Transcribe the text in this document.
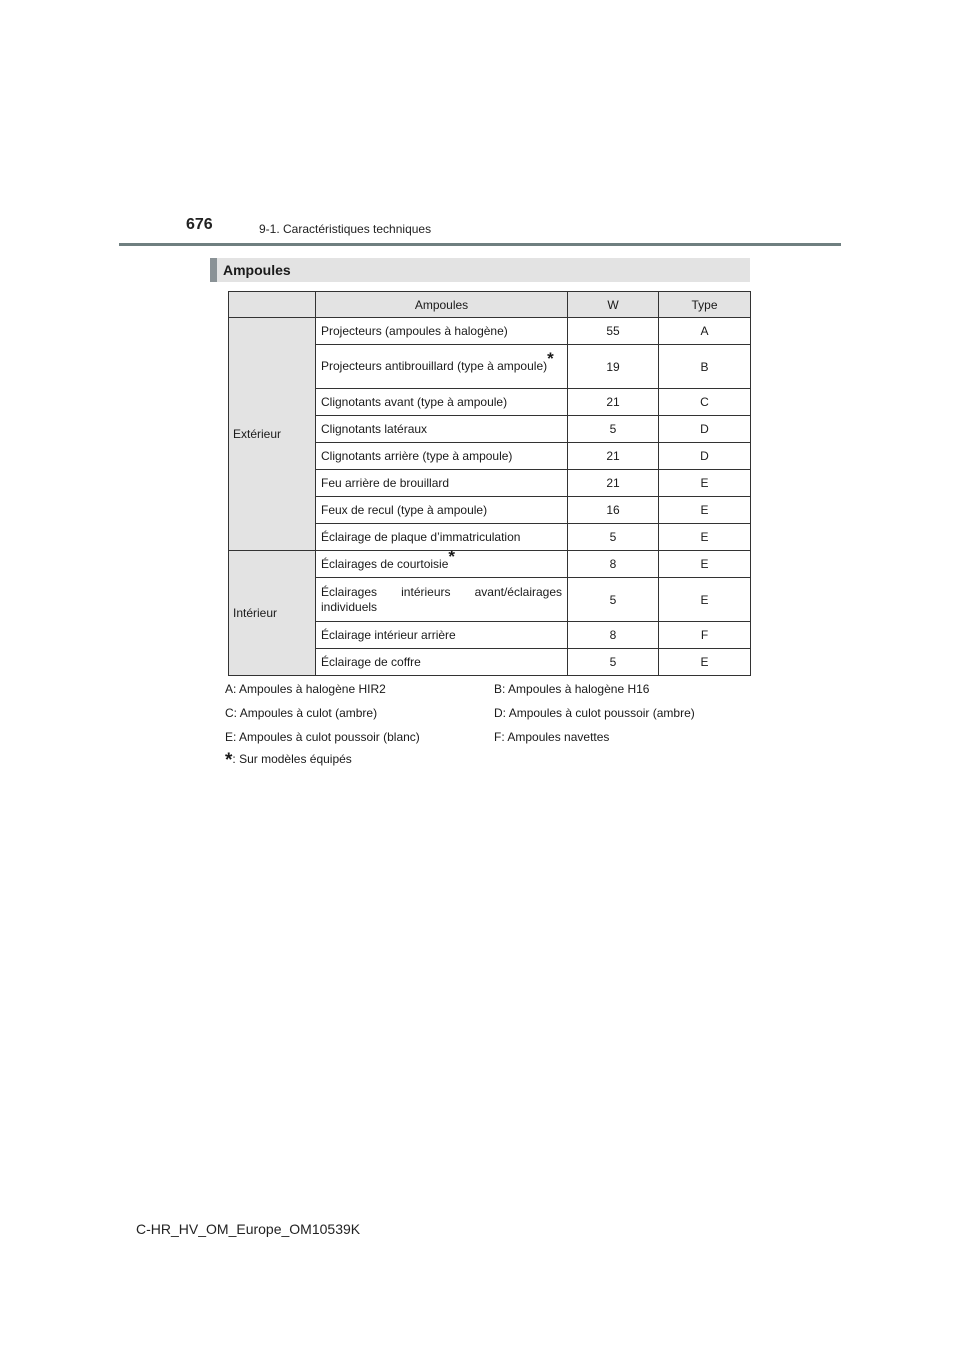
676	9-1. Caractéristiques techniques
Ampoules
	Ampoules	W	Type
Extérieur	Projecteurs (ampoules à halogène)	55	A
	Projecteurs antibrouillard (type à ampoule)*	19	B
	Clignotants avant (type à ampoule)	21	C
	Clignotants latéraux	5	D
	Clignotants arrière (type à ampoule)	21	D
	Feu arrière de brouillard	21	E
	Feux de recul (type à ampoule)	16	E
	Éclairage de plaque d’immatriculation	5	E
Intérieur	Éclairages de courtoisie*	8	E
	Éclairages intérieurs avant/éclairages individuels	5	E
	Éclairage intérieur arrière	8	F
	Éclairage de coffre	5	E
A: Ampoules à halogène HIR2	B: Ampoules à halogène H16
C: Ampoules à culot (ambre)	D: Ampoules à culot poussoir (ambre)
E: Ampoules à culot poussoir (blanc)	F: Ampoules navettes
*: Sur modèles équipés
C-HR_HV_OM_Europe_OM10539K
